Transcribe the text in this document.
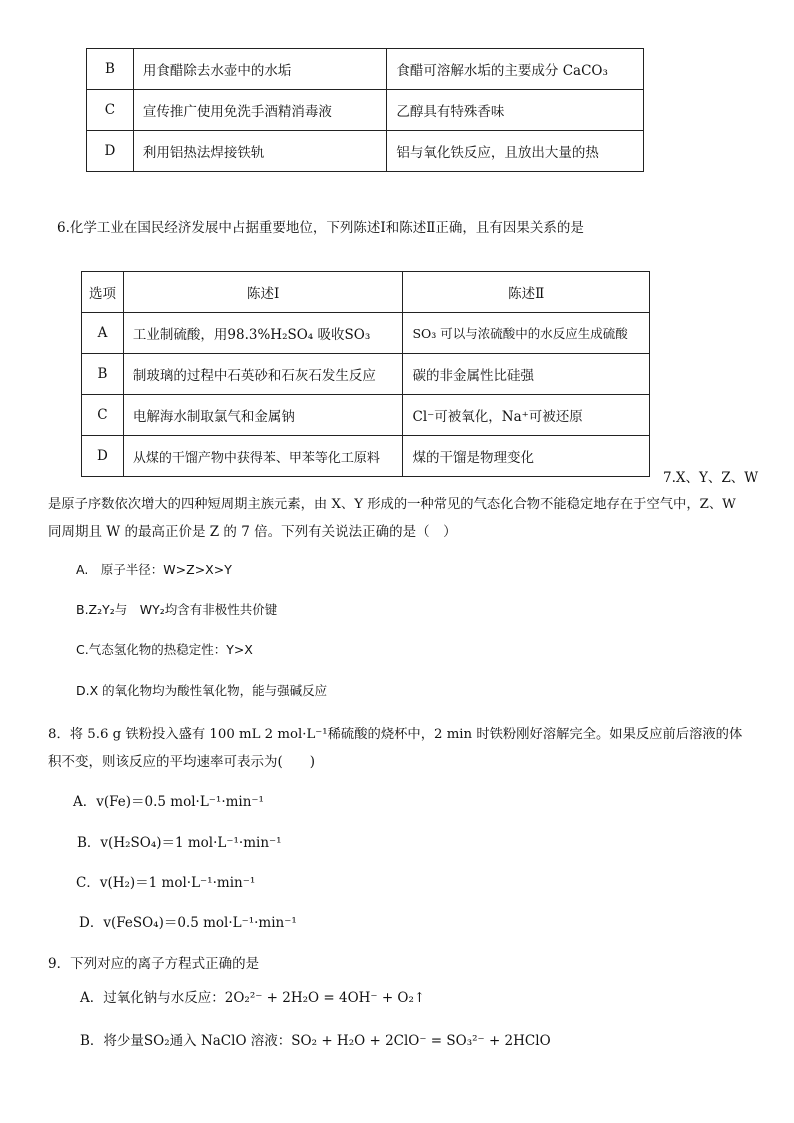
B	用食醋除去水壶中的水垢	食醋可溶解水垢的主要成分 CaCO₃
C	宣传推广使用免洗手酒精消毒液	乙醇具有特殊香味
D	利用铝热法焊接铁轨	铝与氧化铁反应，且放出大量的热
6.化学工业在国民经济发展中占据重要地位，下列陈述Ⅰ和陈述Ⅱ正确，且有因果关系的是
选项	陈述Ⅰ	陈述Ⅱ
A	工业制硫酸，用98.3%H₂SO₄ 吸收SO₃	SO₃ 可以与浓硫酸中的水反应生成硫酸
B	制玻璃的过程中石英砂和石灰石发生反应	碳的非金属性比硅强
C	电解海水制取氯气和金属钠	Cl⁻可被氧化，Na⁺可被还原
D	从煤的干馏产物中获得苯、甲苯等化工原料	煤的干馏是物理变化
7.X、Y、Z、W
是原子序数依次增大的四种短周期主族元素，由 X、Y 形成的一种常见的气态化合物不能稳定地存在于空气中，Z、W
同周期且 W 的最高正价是 Z 的 7 倍。下列有关说法正确的是（　）
A.　原子半径：W>Z>X>Y
B.Z₂Y₂与　WY₂均含有非极性共价键
C.气态氢化物的热稳定性：Y>X
D.X 的氧化物均为酸性氧化物，能与强碱反应
8．将 5.6 g 铁粉投入盛有 100 mL 2 mol·L⁻¹稀硫酸的烧杯中，2 min 时铁粉刚好溶解完全。如果反应前后溶液的体
积不变，则该反应的平均速率可表示为(　　)
A．v(Fe)＝0.5 mol·L⁻¹·min⁻¹
B．v(H₂SO₄)＝1 mol·L⁻¹·min⁻¹
C．v(H₂)＝1 mol·L⁻¹·min⁻¹
D．v(FeSO₄)＝0.5 mol·L⁻¹·min⁻¹
9．下列对应的离子方程式正确的是
A．过氧化钠与水反应：2O₂²⁻ + 2H₂O = 4OH⁻ + O₂↑
B．将少量SO₂通入 NaClO 溶液：SO₂ + H₂O + 2ClO⁻ = SO₃²⁻ + 2HClO
